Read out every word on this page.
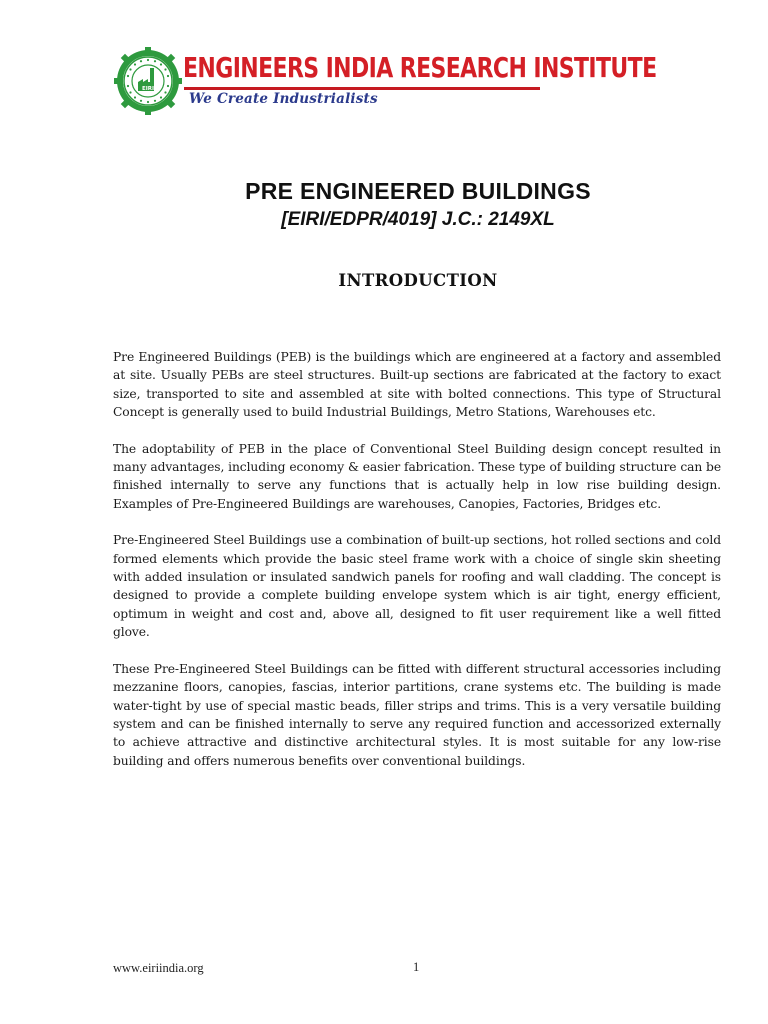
EIRI
ENGINEERS INDIA RESEARCH INSTITUTE
We Create Industrialists
PRE ENGINEERED BUILDINGS
[EIRI/EDPR/4019] J.C.: 2149XL
INTRODUCTION

Pre Engineered Buildings (PEB) is the buildings which are engineered at a factory and assembled at site. Usually PEBs are steel structures. Built-up sections are fabricated at the factory to exact size, transported to site and assembled at site with bolted connections. This type of Structural Concept is generally used to build Industrial Buildings, Metro Stations, Warehouses etc.

The adoptability of PEB in the place of Conventional Steel Building design concept resulted in many advantages, including economy & easier fabrication. These type of building structure can be finished internally to serve any functions that is actually help in low rise building design. Examples of Pre-Engineered Buildings are warehouses, Canopies, Factories, Bridges etc.

Pre-Engineered Steel Buildings use a combination of built-up sections, hot rolled sections and cold formed elements which provide the basic steel frame work with a choice of single skin sheeting with added insulation or insulated sandwich panels for roofing and wall cladding. The concept is designed to provide a complete building envelope system which is air tight, energy efficient, optimum in weight and cost and, above all, designed to fit user requirement like a well fitted glove.

These Pre-Engineered Steel Buildings can be fitted with different structural accessories including mezzanine floors, canopies, fascias, interior partitions, crane systems etc. The building is made water-tight by use of special mastic beads, filler strips and trims. This is a very versatile building system and can be finished internally to serve any required function and accessorized externally to achieve attractive and distinctive architectural styles. It is most suitable for any low-rise building and offers numerous benefits over conventional buildings.

www.eiriindia.org	1
